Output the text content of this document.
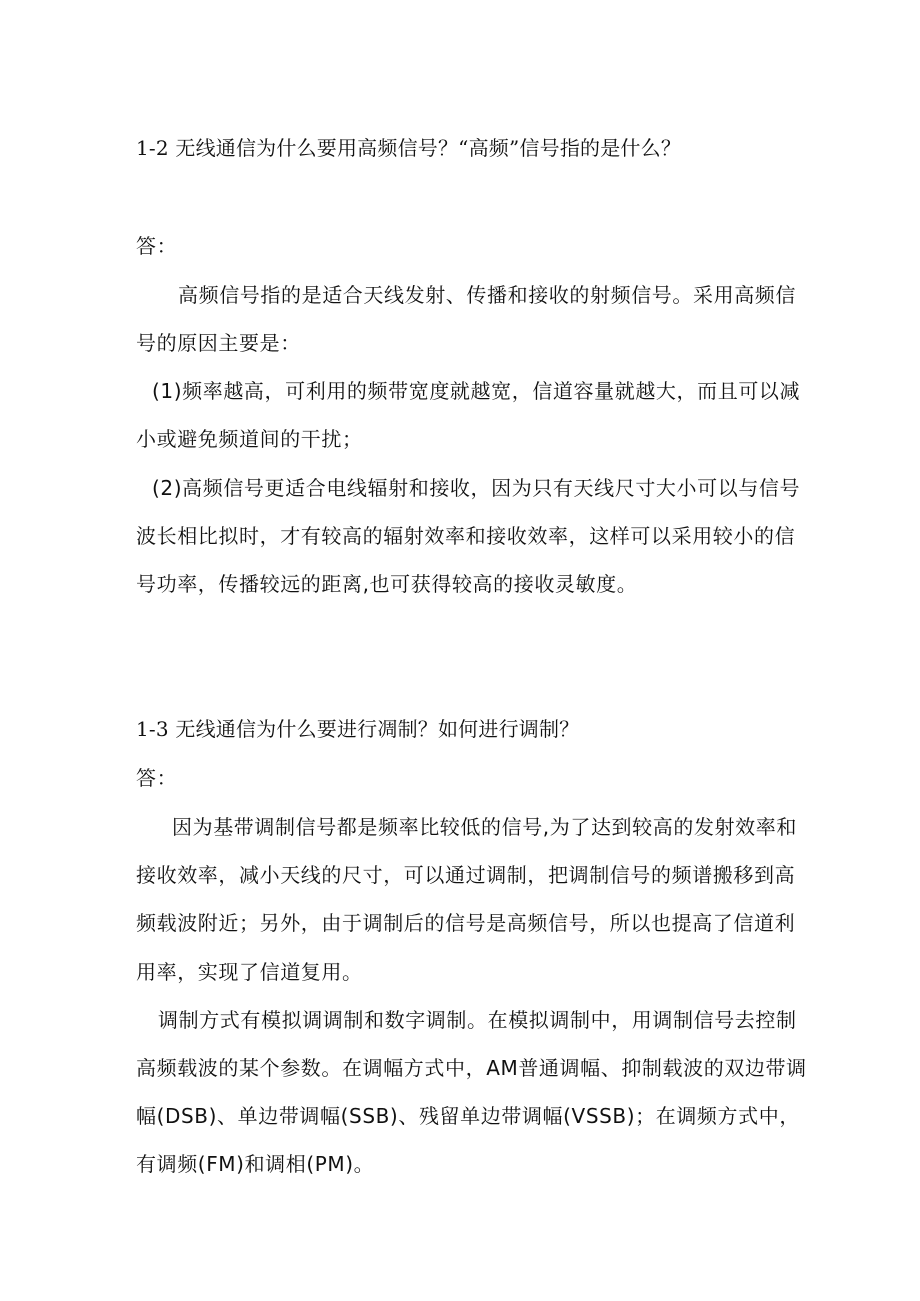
1-2 无线通信为什么要用高频信号？“高频”信号指的是什么？

答：

高频信号指的是适合天线发射、传播和接收的射频信号。采用高频信

号的原因主要是：

(1)频率越高，可利用的频带宽度就越宽，信道容量就越大，而且可以减

小或避免频道间的干扰；

(2)高频信号更适合电线辐射和接收，因为只有天线尺寸大小可以与信号

波长相比拟时，才有较高的辐射效率和接收效率，这样可以采用较小的信

号功率，传播较远的距离,也可获得较高的接收灵敏度。

1-3 无线通信为什么要进行凋制？如何进行调制？

答：

因为基带调制信号都是频率比较低的信号,为了达到较高的发射效率和

接收效率，减小天线的尺寸，可以通过调制，把调制信号的频谱搬移到高

频载波附近；另外，由于调制后的信号是高频信号，所以也提高了信道利

用率，实现了信道复用。

调制方式有模拟调调制和数字调制。在模拟调制中，用调制信号去控制

高频载波的某个参数。在调幅方式中，AM普通调幅、抑制载波的双边带调

幅(DSB)、单边带调幅(SSB)、残留单边带调幅(VSSB)；在调频方式中，

有调频(FM)和调相(PM)。
